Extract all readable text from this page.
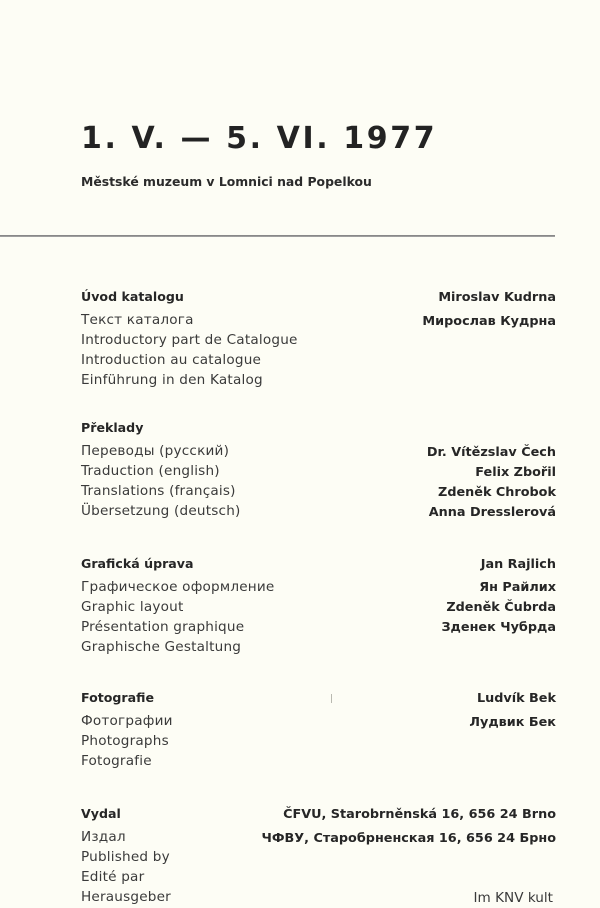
1. V. — 5. VI. 1977
Městské muzeum v Lomnici nad Popelkou
Úvod katalogu
Текст каталога
Introductory part de Catalogue
Introduction au catalogue
Einführung in den Katalog
Miroslav Kudrna
Мирослав Кудрна
Překlady
Переводы (русский)
Traduction (english)
Translations (français)
Übersetzung (deutsch)
Dr. Vítězslav Čech
Felix Zbořil
Zdeněk Chrobok
Anna Dresslerová
Grafická úprava
Графическое оформление
Graphic layout
Présentation graphique
Graphische Gestaltung
Jan Rajlich
Ян Райлих
Zdeněk Čubrda
Зденек Чубрда
Fotografie
Фотографии
Photographs
Fotografie
Ludvík Bek
Лудвик Бек
Vydal
Издал
Published by
Edité par
Herausgeber
ČFVU, Starobrněnská 16, 656 24 Brno
ЧФВУ, Старобрненская 16, 656 24 Брно
Im KNV kult
